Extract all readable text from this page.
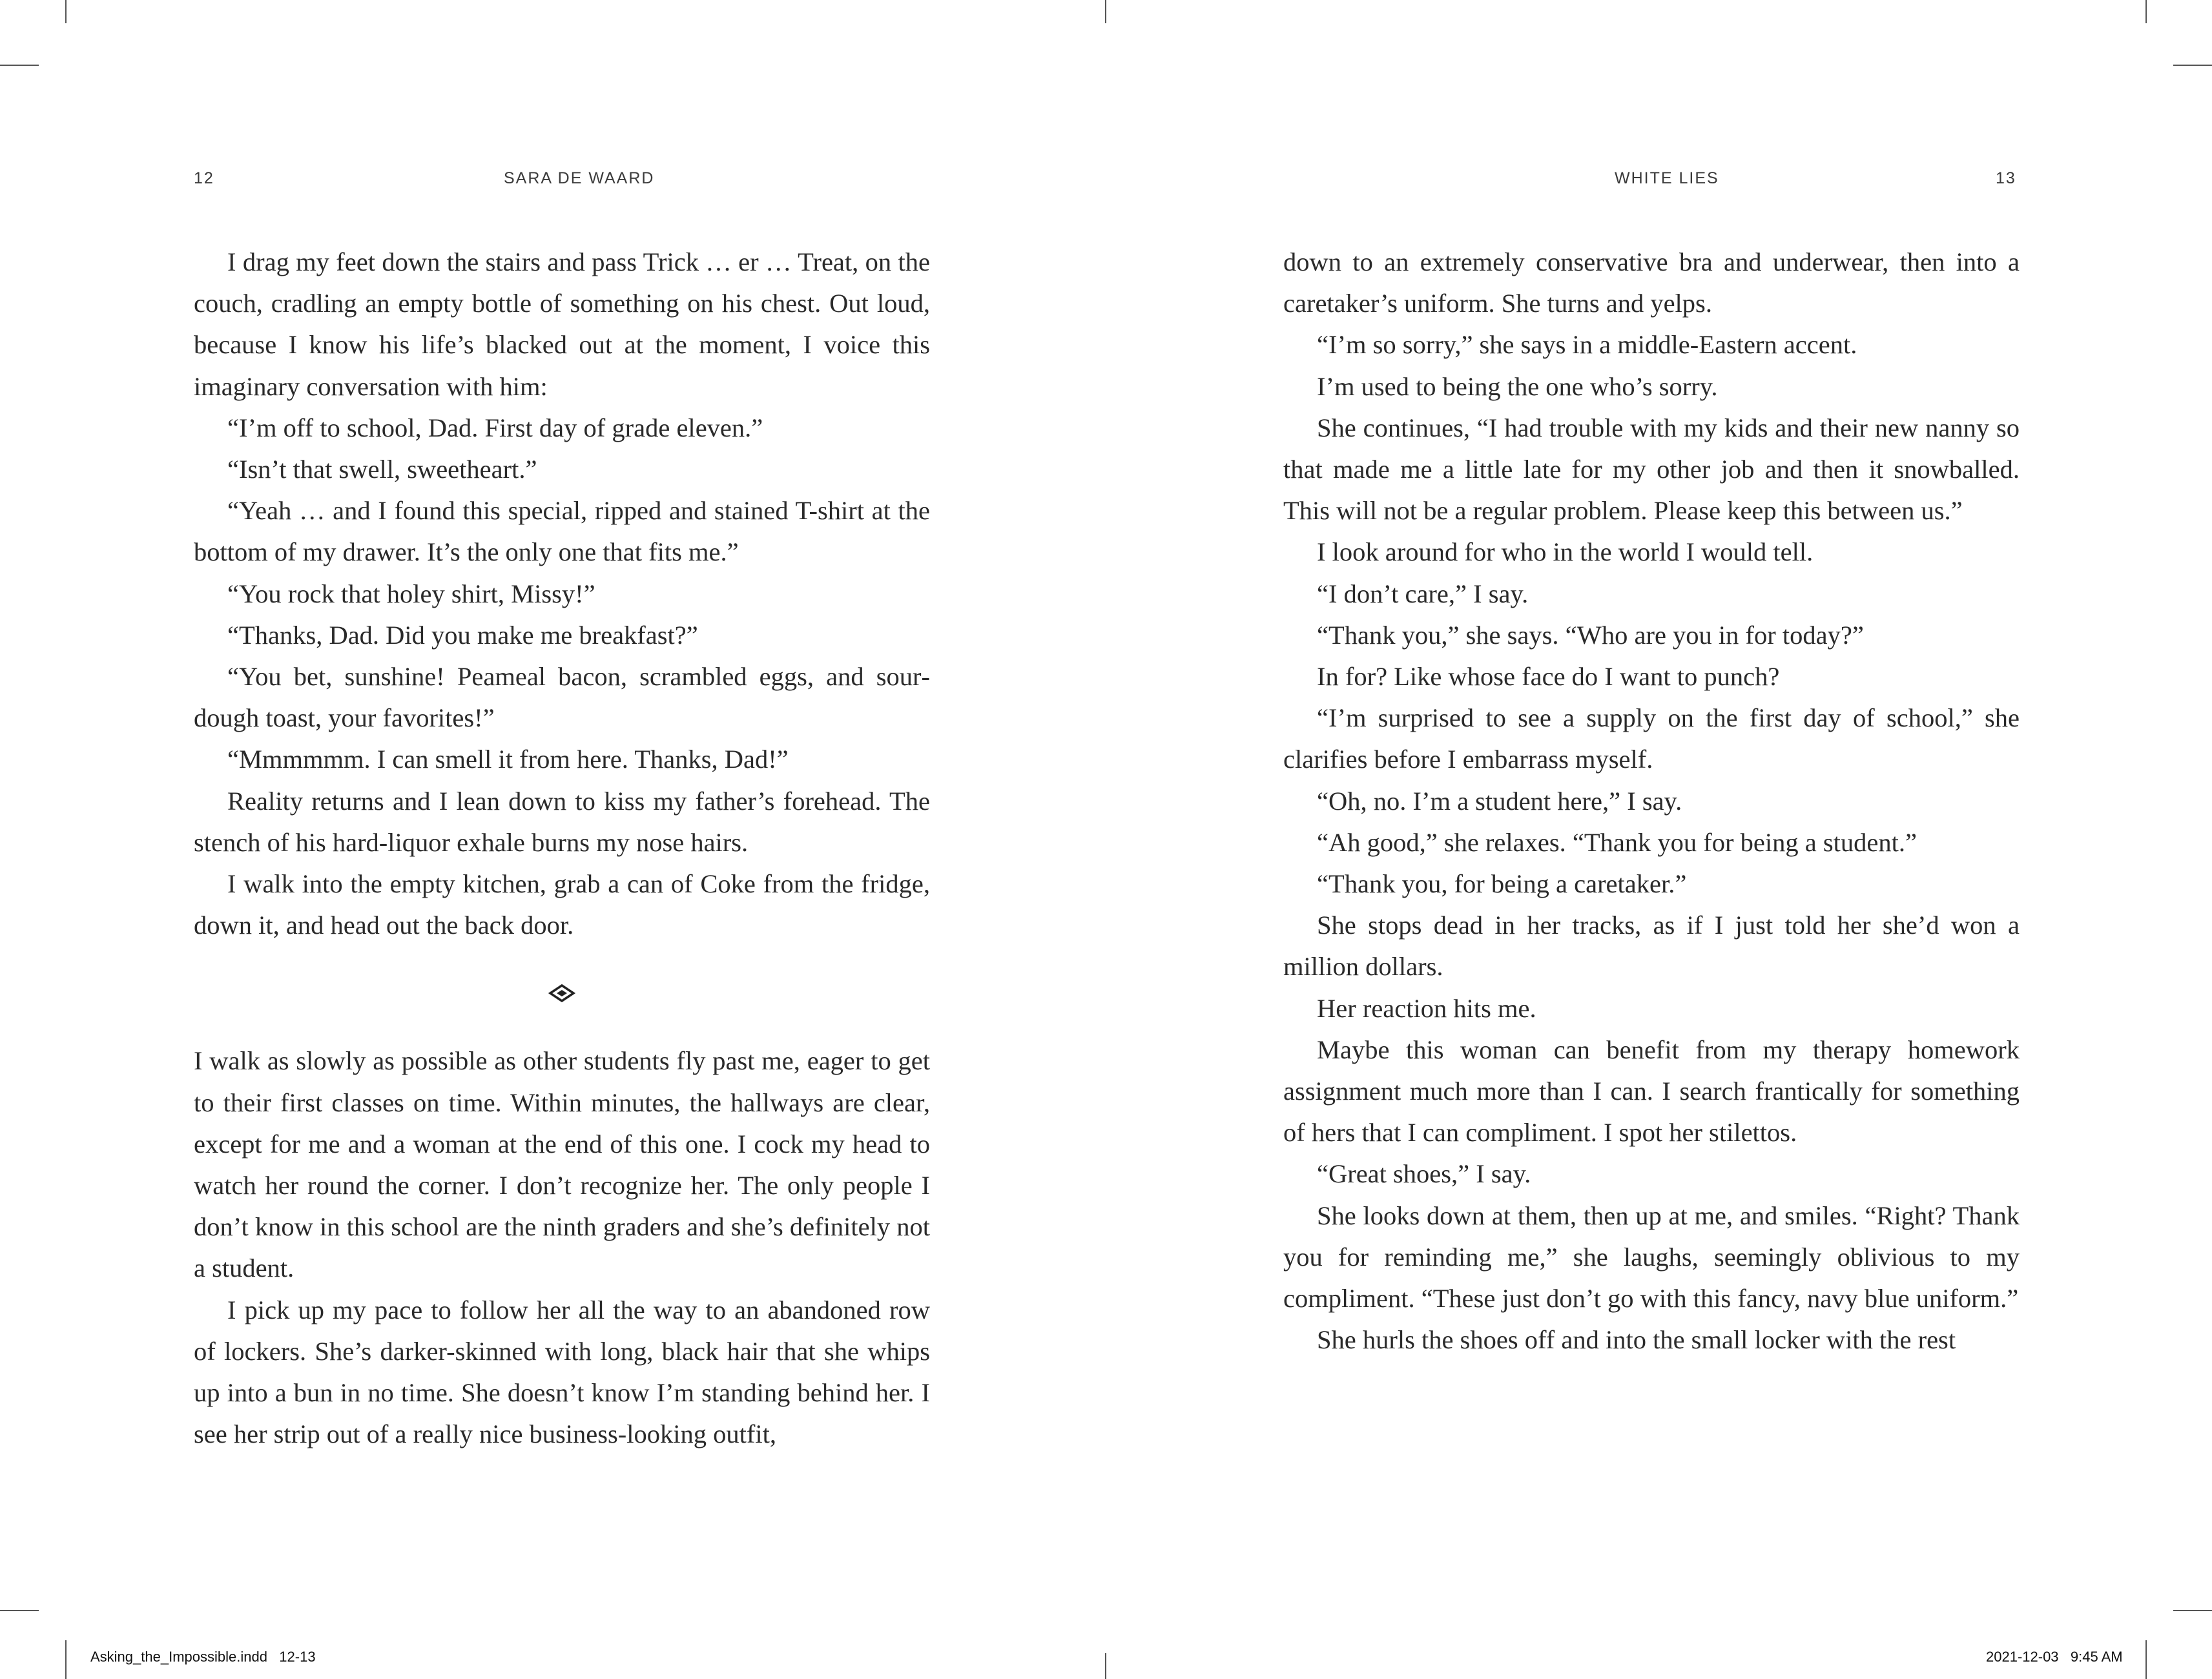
12	SARA DE WAARD

I drag my feet down the stairs and pass Trick … er … Treat, on the couch, cradling an empty bottle of something on his chest. Out loud, because I know his life’s blacked out at the moment, I voice this imaginary conversation with him:

“I’m off to school, Dad. First day of grade eleven.”

“Isn’t that swell, sweetheart.”

“Yeah … and I found this special, ripped and stained T-shirt at the bottom of my drawer. It’s the only one that fits me.”

“You rock that holey shirt, Missy!”

“Thanks, Dad. Did you make me breakfast?”

“You bet, sunshine! Peameal bacon, scrambled eggs, and sourdough toast, your favorites!”

“Mmmmmm. I can smell it from here. Thanks, Dad!”

Reality returns and I lean down to kiss my father’s forehead. The stench of his hard-liquor exhale burns my nose hairs.

I walk into the empty kitchen, grab a can of Coke from the fridge, down it, and head out the back door.

I walk as slowly as possible as other students fly past me, eager to get to their first classes on time. Within minutes, the hallways are clear, except for me and a woman at the end of this one. I cock my head to watch her round the corner. I don’t recognize her. The only people I don’t know in this school are the ninth graders and she’s definitely not a student.

I pick up my pace to follow her all the way to an abandoned row of lockers. She’s darker-skinned with long, black hair that she whips up into a bun in no time. She doesn’t know I’m standing behind her. I see her strip out of a really nice business-looking outfit,

WHITE LIES	13

down to an extremely conservative bra and underwear, then into a caretaker’s uniform. She turns and yelps.

“I’m so sorry,” she says in a middle-Eastern accent.

I’m used to being the one who’s sorry.

She continues, “I had trouble with my kids and their new nanny so that made me a little late for my other job and then it snowballed. This will not be a regular problem. Please keep this between us.”

I look around for who in the world I would tell.

“I don’t care,” I say.

“Thank you,” she says. “Who are you in for today?”

In for? Like whose face do I want to punch?

“I’m surprised to see a supply on the first day of school,” she clarifies before I embarrass myself.

“Oh, no. I’m a student here,” I say.

“Ah good,” she relaxes. “Thank you for being a student.”

“Thank you, for being a caretaker.”

She stops dead in her tracks, as if I just told her she’d won a million dollars.

Her reaction hits me.

Maybe this woman can benefit from my therapy homework assignment much more than I can. I search frantically for something of hers that I can compliment. I spot her stilettos.

“Great shoes,” I say.

She looks down at them, then up at me, and smiles. “Right? Thank you for reminding me,” she laughs, seemingly oblivious to my compliment. “These just don’t go with this fancy, navy blue uniform.”

She hurls the shoes off and into the small locker with the rest

Asking_the_Impossible.indd   12-13	2021-12-03   9:45 AM
